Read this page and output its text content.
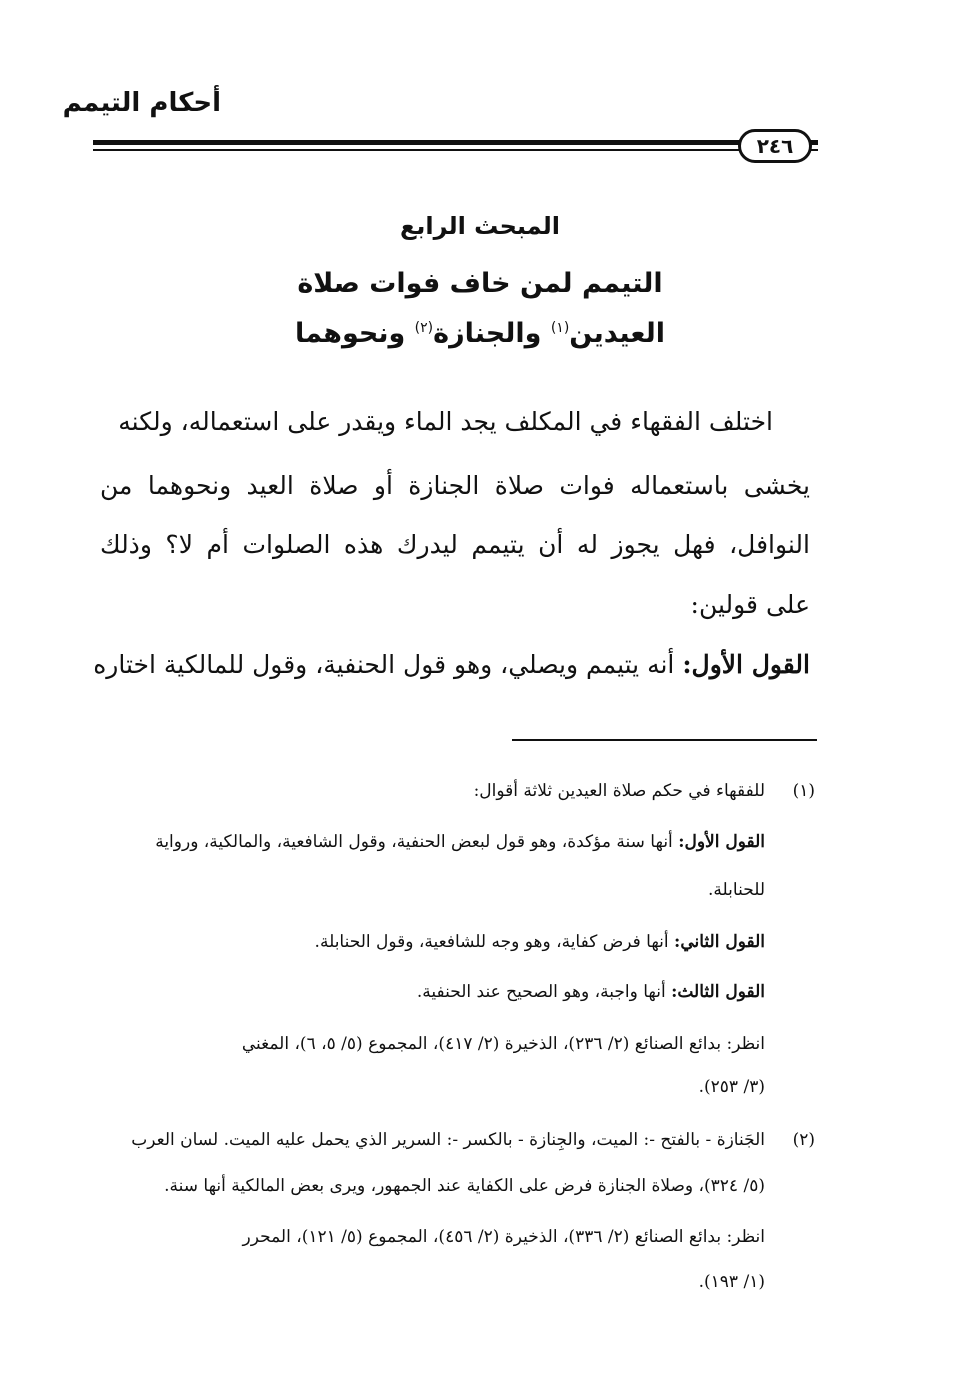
أحكام التيمم
٢٤٦
المبحث الرابع
التيمم لمن خاف فوات صلاة
العيدين$^{(١)}$ والجنازة$^{(٢)}$ ونحوهما
اختلف الفقهاء في المكلف يجد الماء ويقدر على استعماله، ولكنه
يخشى باستعماله فوات صلاة الجنازة أو صلاة العيد ونحوهما من
النوافل، فهل يجوز له أن يتيمم ليدرك هذه الصلوات أم لا؟ وذلك
على قولين:
القول الأول: أنه يتيمم ويصلي، وهو قول الحنفية، وقول للمالكية اختاره
(١)
للفقهاء في حكم صلاة العيدين ثلاثة أقوال:
القول الأول: أنها سنة مؤكدة، وهو قول لبعض الحنفية، وقول الشافعية، والمالكية، ورواية
للحنابلة.
القول الثاني: أنها فرض كفاية، وهو وجه للشافعية، وقول الحنابلة.
القول الثالث: أنها واجبة، وهو الصحيح عند الحنفية.
انظر: بدائع الصنائع (٢/ ٢٣٦)، الذخيرة (٢/ ٤١٧)، المجموع (٥/ ٥، ٦)، المغني
(٣/ ٢٥٣).
(٢)
الجَنازة - بالفتح -: الميت، والجِنازة - بالكسر -: السرير الذي يحمل عليه الميت. لسان العرب
(٥/ ٣٢٤)، وصلاة الجنازة فرض على الكفاية عند الجمهور، ويرى بعض المالكية أنها سنة.
انظر: بدائع الصنائع (٢/ ٣٣٦)، الذخيرة (٢/ ٤٥٦)، المجموع (٥/ ١٢١)، المحرر
(١/ ١٩٣).
